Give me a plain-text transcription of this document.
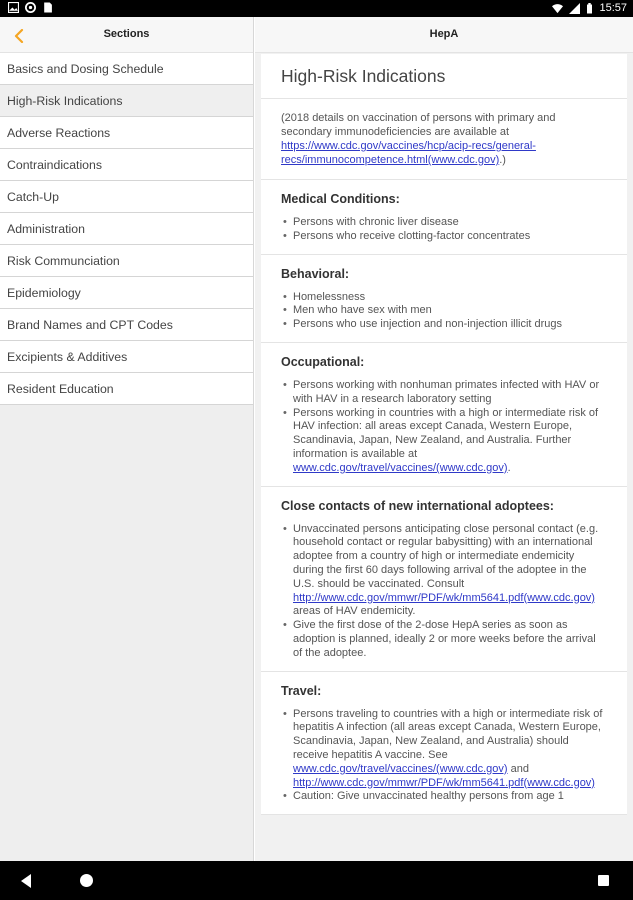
15:57
Sections
Basics and Dosing Schedule
High-Risk Indications
Adverse Reactions
Contraindications
Catch-Up
Administration
Risk Communciation
Epidemiology
Brand Names and CPT Codes
Excipients & Additives
Resident Education
HepA
High-Risk Indications

(2018 details on vaccination of persons with primary and secondary immunodeficiencies are available at https://www.cdc.gov/vaccines/hcp/acip-recs/general-recs/immunocompetence.html(www.cdc.gov).)

Medical Conditions:
• Persons with chronic liver disease
• Persons who receive clotting-factor concentrates
Behavioral:
• Homelessness
• Men who have sex with men
• Persons who use injection and non-injection illicit drugs
Occupational:
• Persons working with nonhuman primates infected with HAV or with HAV in a research laboratory setting
• Persons working in countries with a high or intermediate risk of HAV infection: all areas except Canada, Western Europe, Scandinavia, Japan, New Zealand, and Australia. Further information is available at www.cdc.gov/travel/vaccines/(www.cdc.gov).
Close contacts of new international adoptees:
• Unvaccinated persons anticipating close personal contact (e.g. household contact or regular babysitting) with an international adoptee from a country of high or intermediate endemicity during the first 60 days following arrival of the adoptee in the U.S. should be vaccinated. Consult http://www.cdc.gov/mmwr/PDF/wk/mm5641.pdf(www.cdc.gov) areas of HAV endemicity.
• Give the first dose of the 2-dose HepA series as soon as adoption is planned, ideally 2 or more weeks before the arrival of the adoptee.
Travel:
• Persons traveling to countries with a high or intermediate risk of hepatitis A infection (all areas except Canada, Western Europe, Scandinavia, Japan, New Zealand, and Australia) should receive hepatitis A vaccine. See www.cdc.gov/travel/vaccines/(www.cdc.gov) and http://www.cdc.gov/mmwr/PDF/wk/mm5641.pdf(www.cdc.gov)
• Caution: Give unvaccinated healthy persons from age 1
